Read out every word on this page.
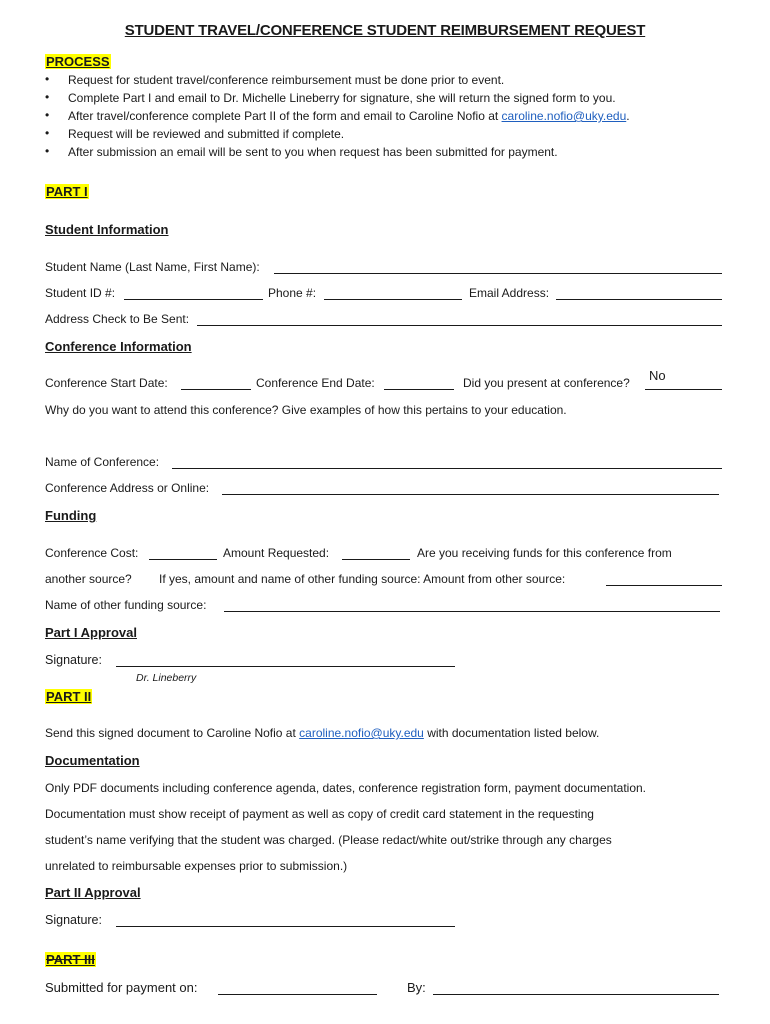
STUDENT TRAVEL/CONFERENCE STUDENT REIMBURSEMENT REQUEST
PROCESS
• Request for student travel/conference reimbursement must be done prior to event.
• Complete Part I and email to Dr. Michelle Lineberry for signature, she will return the signed form to you.
• After travel/conference complete Part II of the form and email to Caroline Nofio at caroline.nofio@uky.edu.
• Request will be reviewed and submitted if complete.
• After submission an email will be sent to you when request has been submitted for payment.
PART I
Student Information
Student Name (Last Name, First Name):
Student ID #:	Phone #:	Email Address:
Address Check to Be Sent:
Conference Information
Conference Start Date:	Conference End Date:	Did you present at conference? No
Why do you want to attend this conference? Give examples of how this pertains to your education.
Name of Conference:
Conference Address or Online:
Funding
Conference Cost:	Amount Requested:	Are you receiving funds for this conference from
another source? If yes, amount and name of other funding source: Amount from other source:
Name of other funding source:
Part I Approval
Signature:
Dr. Lineberry
PART II
Send this signed document to Caroline Nofio at caroline.nofio@uky.edu with documentation listed below.
Documentation
Only PDF documents including conference agenda, dates, conference registration form, payment documentation.
Documentation must show receipt of payment as well as copy of credit card statement in the requesting
student’s name verifying that the student was charged. (Please redact/white out/strike through any charges
unrelated to reimbursable expenses prior to submission.)
Part II Approval
Signature:
PART III
Submitted for payment on:	By:
